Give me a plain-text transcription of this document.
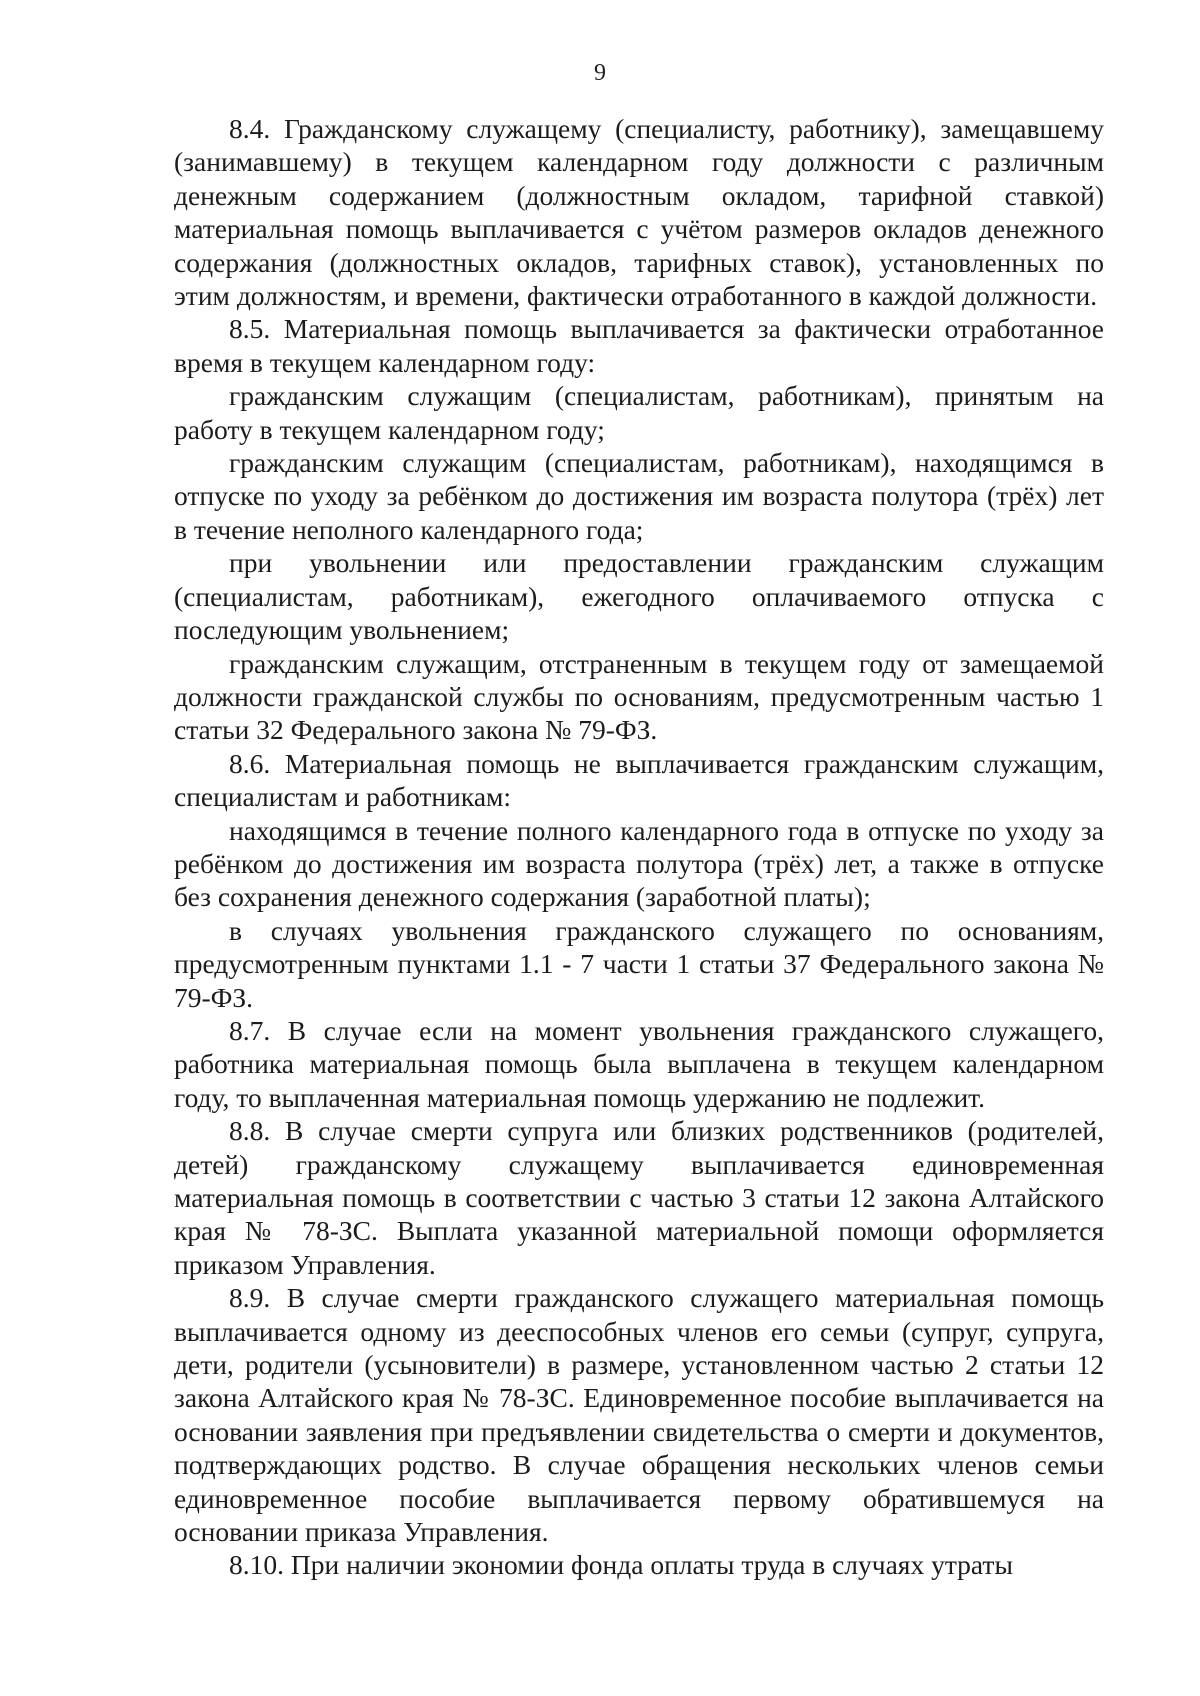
9

8.4. Гражданскому служащему (специалисту, работнику), замещавшему (занимавшему) в текущем календарном году должности с различным денежным содержанием (должностным окладом, тарифной ставкой) материальная помощь выплачивается с учётом размеров окладов денежного содержания (должностных окладов, тарифных ставок), установленных по этим должностям, и времени, фактически отработанного в каждой должности.

8.5. Материальная помощь выплачивается за фактически отработанное время в текущем календарном году:

гражданским служащим (специалистам, работникам), принятым на работу в текущем календарном году;

гражданским служащим (специалистам, работникам), находящимся в отпуске по уходу за ребёнком до достижения им возраста полутора (трёх) лет в течение неполного календарного года;

при увольнении или предоставлении гражданским служащим (специалистам, работникам), ежегодного оплачиваемого отпуска с последующим увольнением;

гражданским служащим, отстраненным в текущем году от замещаемой должности гражданской службы по основаниям, предусмотренным частью 1 статьи 32 Федерального закона № 79-ФЗ.

8.6. Материальная помощь не выплачивается гражданским служащим, специалистам и работникам:

находящимся в течение полного календарного года в отпуске по уходу за ребёнком до достижения им возраста полутора (трёх) лет, а также в отпуске без сохранения денежного содержания (заработной платы);

в случаях увольнения гражданского служащего по основаниям, предусмотренным пунктами 1.1 - 7 части 1 статьи 37 Федерального закона № 79-ФЗ.

8.7. В случае если на момент увольнения гражданского служащего, работника материальная помощь была выплачена в текущем календарном году, то выплаченная материальная помощь удержанию не подлежит.

8.8. В случае смерти супруга или близких родственников (родителей, детей) гражданскому служащему выплачивается единовременная материальная помощь в соответствии с частью 3 статьи 12 закона Алтайского края № 78-ЗС. Выплата указанной материальной помощи оформляется приказом Управления.

8.9. В случае смерти гражданского служащего материальная помощь выплачивается одному из дееспособных членов его семьи (супруг, супруга, дети, родители (усыновители) в размере, установленном частью 2 статьи 12 закона Алтайского края № 78-ЗС. Единовременное пособие выплачивается на основании заявления при предъявлении свидетельства о смерти и документов, подтверждающих родство. В случае обращения нескольких членов семьи единовременное пособие выплачивается первому обратившемуся на основании приказа Управления.

8.10. При наличии экономии фонда оплаты труда в случаях утраты
